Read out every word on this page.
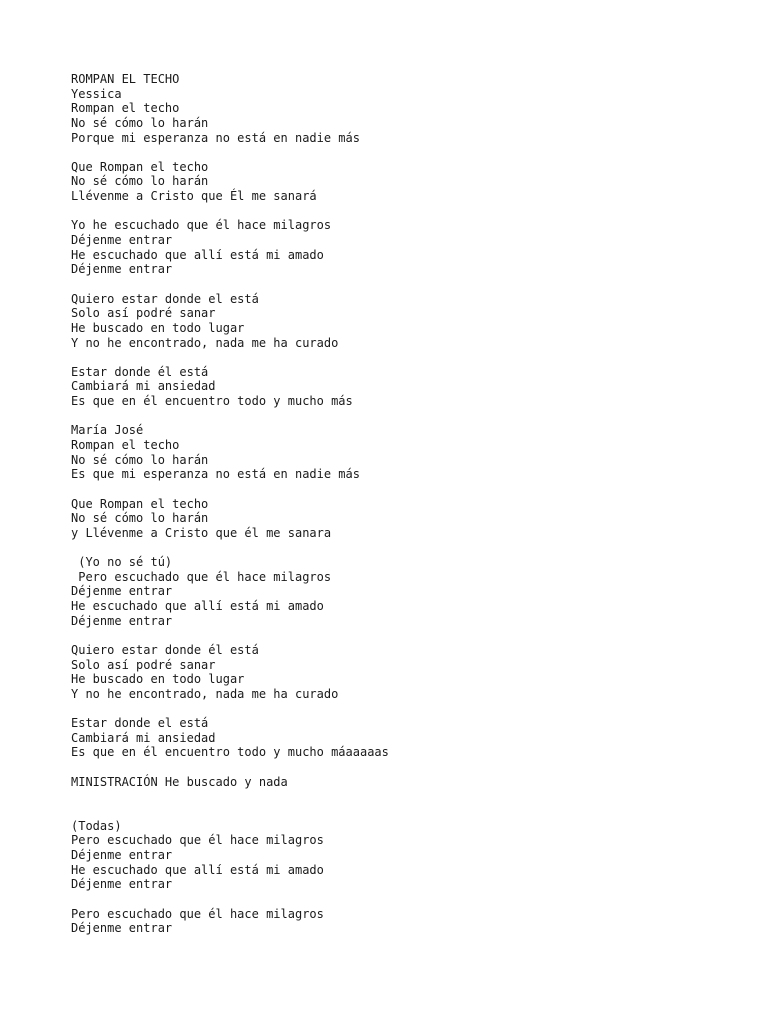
ROMPAN EL TECHO
Yessica
Rompan el techo
No sé cómo lo harán
Porque mi esperanza no está en nadie más
Que Rompan el techo
No sé cómo lo harán
Llévenme a Cristo que Él me sanará
Yo he escuchado que él hace milagros
Déjenme entrar
He escuchado que allí está mi amado
Déjenme entrar
Quiero estar donde el está
Solo así podré sanar
He buscado en todo lugar
Y no he encontrado, nada me ha curado
Estar donde él está
Cambiará mi ansiedad
Es que en él encuentro todo y mucho más
María José
Rompan el techo
No sé cómo lo harán
Es que mi esperanza no está en nadie más
Que Rompan el techo
No sé cómo lo harán
y Llévenme a Cristo que él me sanara
(Yo no sé tú)
Pero escuchado que él hace milagros
Déjenme entrar
He escuchado que allí está mi amado
Déjenme entrar
Quiero estar donde él está
Solo así podré sanar
He buscado en todo lugar
Y no he encontrado, nada me ha curado
Estar donde el está
Cambiará mi ansiedad
Es que en él encuentro todo y mucho máaaaaas
MINISTRACIÓN He buscado y nada
(Todas)
Pero escuchado que él hace milagros
Déjenme entrar
He escuchado que allí está mi amado
Déjenme entrar
Pero escuchado que él hace milagros
Déjenme entrar
